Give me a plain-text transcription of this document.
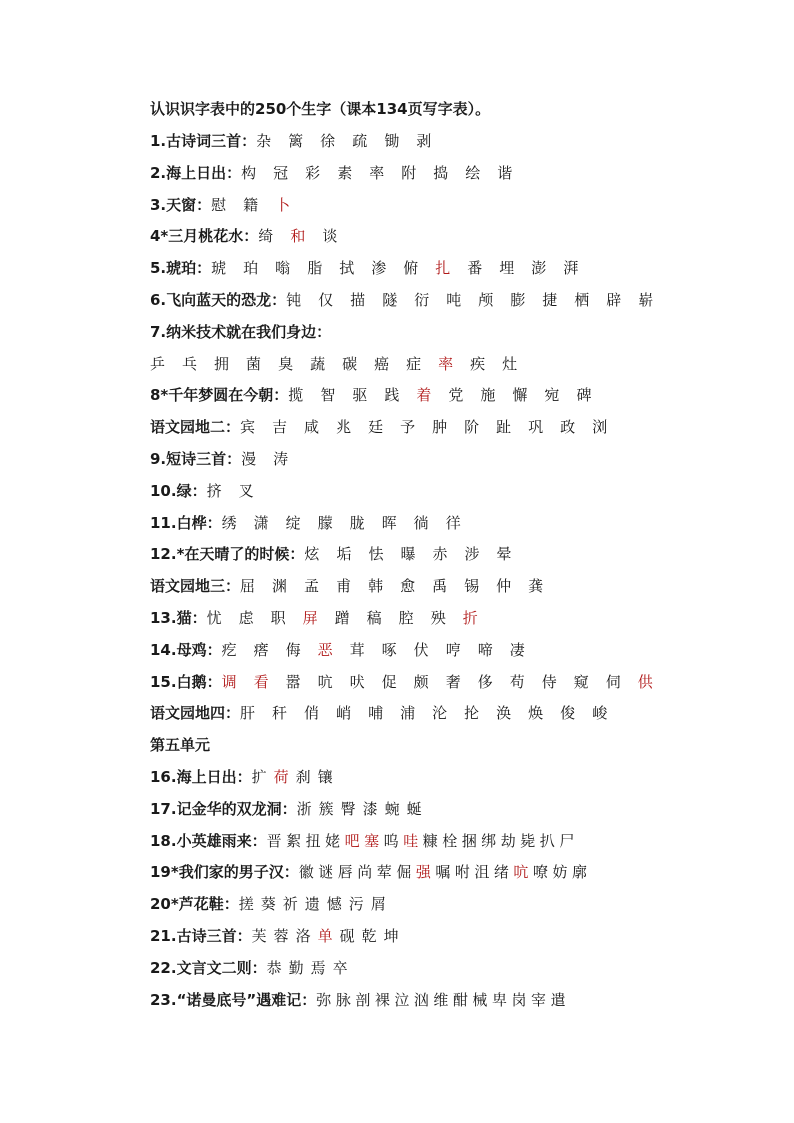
认识识字表中的250个生字（课本134页写字表）。
1.古诗词三首：杂 篱 徐 疏 锄 剥
2.海上日出：构 冠 彩 素 率 附 捣 绘 谐
3.天窗：慰 籍 卜
4*三月桃花水：绮 和 谈
5.琥珀：琥 珀 嗡 脂 拭 渗 俯 扎 番 埋 澎 湃
6.飞向蓝天的恐龙：钝 仅 描 隧 衍 吨 颅 膨 捷 栖 辟 崭
7.纳米技术就在我们身边：
乒 乓 拥 菌 臭 蔬 碳 癌 症 率 疾 灶
8*千年梦圆在今朝：揽 智 驱 践 着 党 施 懈 宛 碑
语文园地二：宾 吉 咸 兆 廷 予 肿 阶 趾 巩 政 浏
9.短诗三首：漫 涛
10.绿：挤 叉
11.白桦：绣 潇 绽 朦 胧 晖 徜 徉
12.*在天晴了的时候：炫 垢 怯 曝 赤 涉 晕
语文园地三：屈 渊 孟 甫 韩 愈 禹 锡 仲 龚
13.猫：忧 虑 职 屏 蹭 稿 腔 殃 折
14.母鸡：疙 瘩 侮 恶 茸 啄 伏 哼 啼 凄
15.白鹅：调 看 嚣 吭 吠 促 颇 奢 侈 苟 侍 窥 伺 供
语文园地四：肝 秆 俏 峭 哺 浦 沦 抡 涣 焕 俊 峻
第五单元
16.海上日出：扩 荷 刹 镶
17.记金华的双龙洞：浙 簇 臀 漆 蜿 蜒
18.小英雄雨来：晋 絮 扭 姥 吧 塞 呜 哇 糠 栓 捆 绑 劫 毙 扒 尸
19*我们家的男子汉：徽 谜 唇 尚 荤 倔 强 嘱 咐 沮 绪 吭 嘹 妨 廓
20*芦花鞋：搓 葵 祈 遗 憾 污 屑
21.古诗三首：芙 蓉 洛 单 砚 乾 坤
22.文言文二则：恭 勤 焉 卒
23.“诺曼底号”遇难记：弥 脉 剖 裸 泣 汹 维 酣 械 卑 岗 宰 遣
